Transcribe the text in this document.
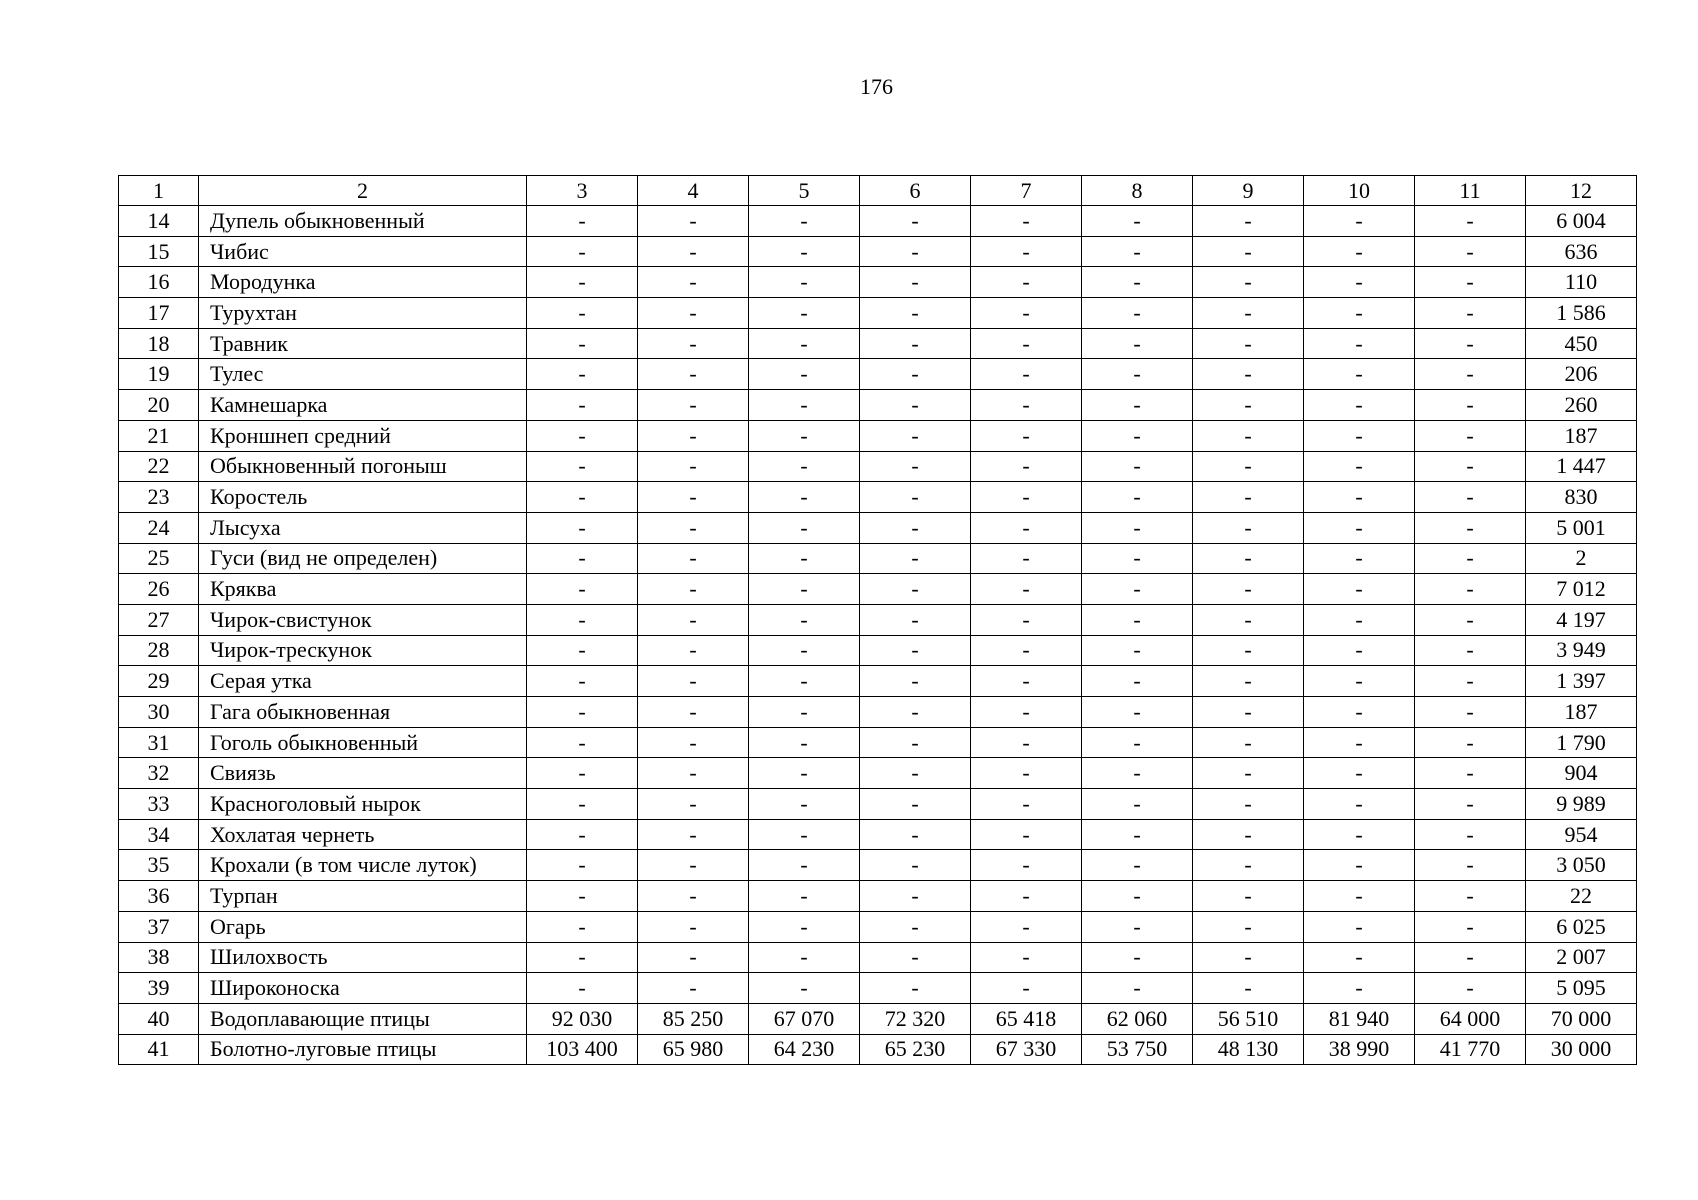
176
1	2	3	4	5	6	7	8	9	10	11	12
14	Дупель обыкновенный	-	-	-	-	-	-	-	-	-	6 004
15	Чибис	-	-	-	-	-	-	-	-	-	636
16	Мородунка	-	-	-	-	-	-	-	-	-	110
17	Турухтан	-	-	-	-	-	-	-	-	-	1 586
18	Травник	-	-	-	-	-	-	-	-	-	450
19	Тулес	-	-	-	-	-	-	-	-	-	206
20	Камнешарка	-	-	-	-	-	-	-	-	-	260
21	Кроншнеп средний	-	-	-	-	-	-	-	-	-	187
22	Обыкновенный погоныш	-	-	-	-	-	-	-	-	-	1 447
23	Коростель	-	-	-	-	-	-	-	-	-	830
24	Лысуха	-	-	-	-	-	-	-	-	-	5 001
25	Гуси (вид не определен)	-	-	-	-	-	-	-	-	-	2
26	Кряква	-	-	-	-	-	-	-	-	-	7 012
27	Чирок-свистунок	-	-	-	-	-	-	-	-	-	4 197
28	Чирок-трескунок	-	-	-	-	-	-	-	-	-	3 949
29	Серая утка	-	-	-	-	-	-	-	-	-	1 397
30	Гага обыкновенная	-	-	-	-	-	-	-	-	-	187
31	Гоголь обыкновенный	-	-	-	-	-	-	-	-	-	1 790
32	Свиязь	-	-	-	-	-	-	-	-	-	904
33	Красноголовый нырок	-	-	-	-	-	-	-	-	-	9 989
34	Хохлатая чернеть	-	-	-	-	-	-	-	-	-	954
35	Крохали (в том числе луток)	-	-	-	-	-	-	-	-	-	3 050
36	Турпан	-	-	-	-	-	-	-	-	-	22
37	Огарь	-	-	-	-	-	-	-	-	-	6 025
38	Шилохвость	-	-	-	-	-	-	-	-	-	2 007
39	Широконоска	-	-	-	-	-	-	-	-	-	5 095
40	Водоплавающие птицы	92 030	85 250	67 070	72 320	65 418	62 060	56 510	81 940	64 000	70 000
41	Болотно-луговые птицы	103 400	65 980	64 230	65 230	67 330	53 750	48 130	38 990	41 770	30 000
